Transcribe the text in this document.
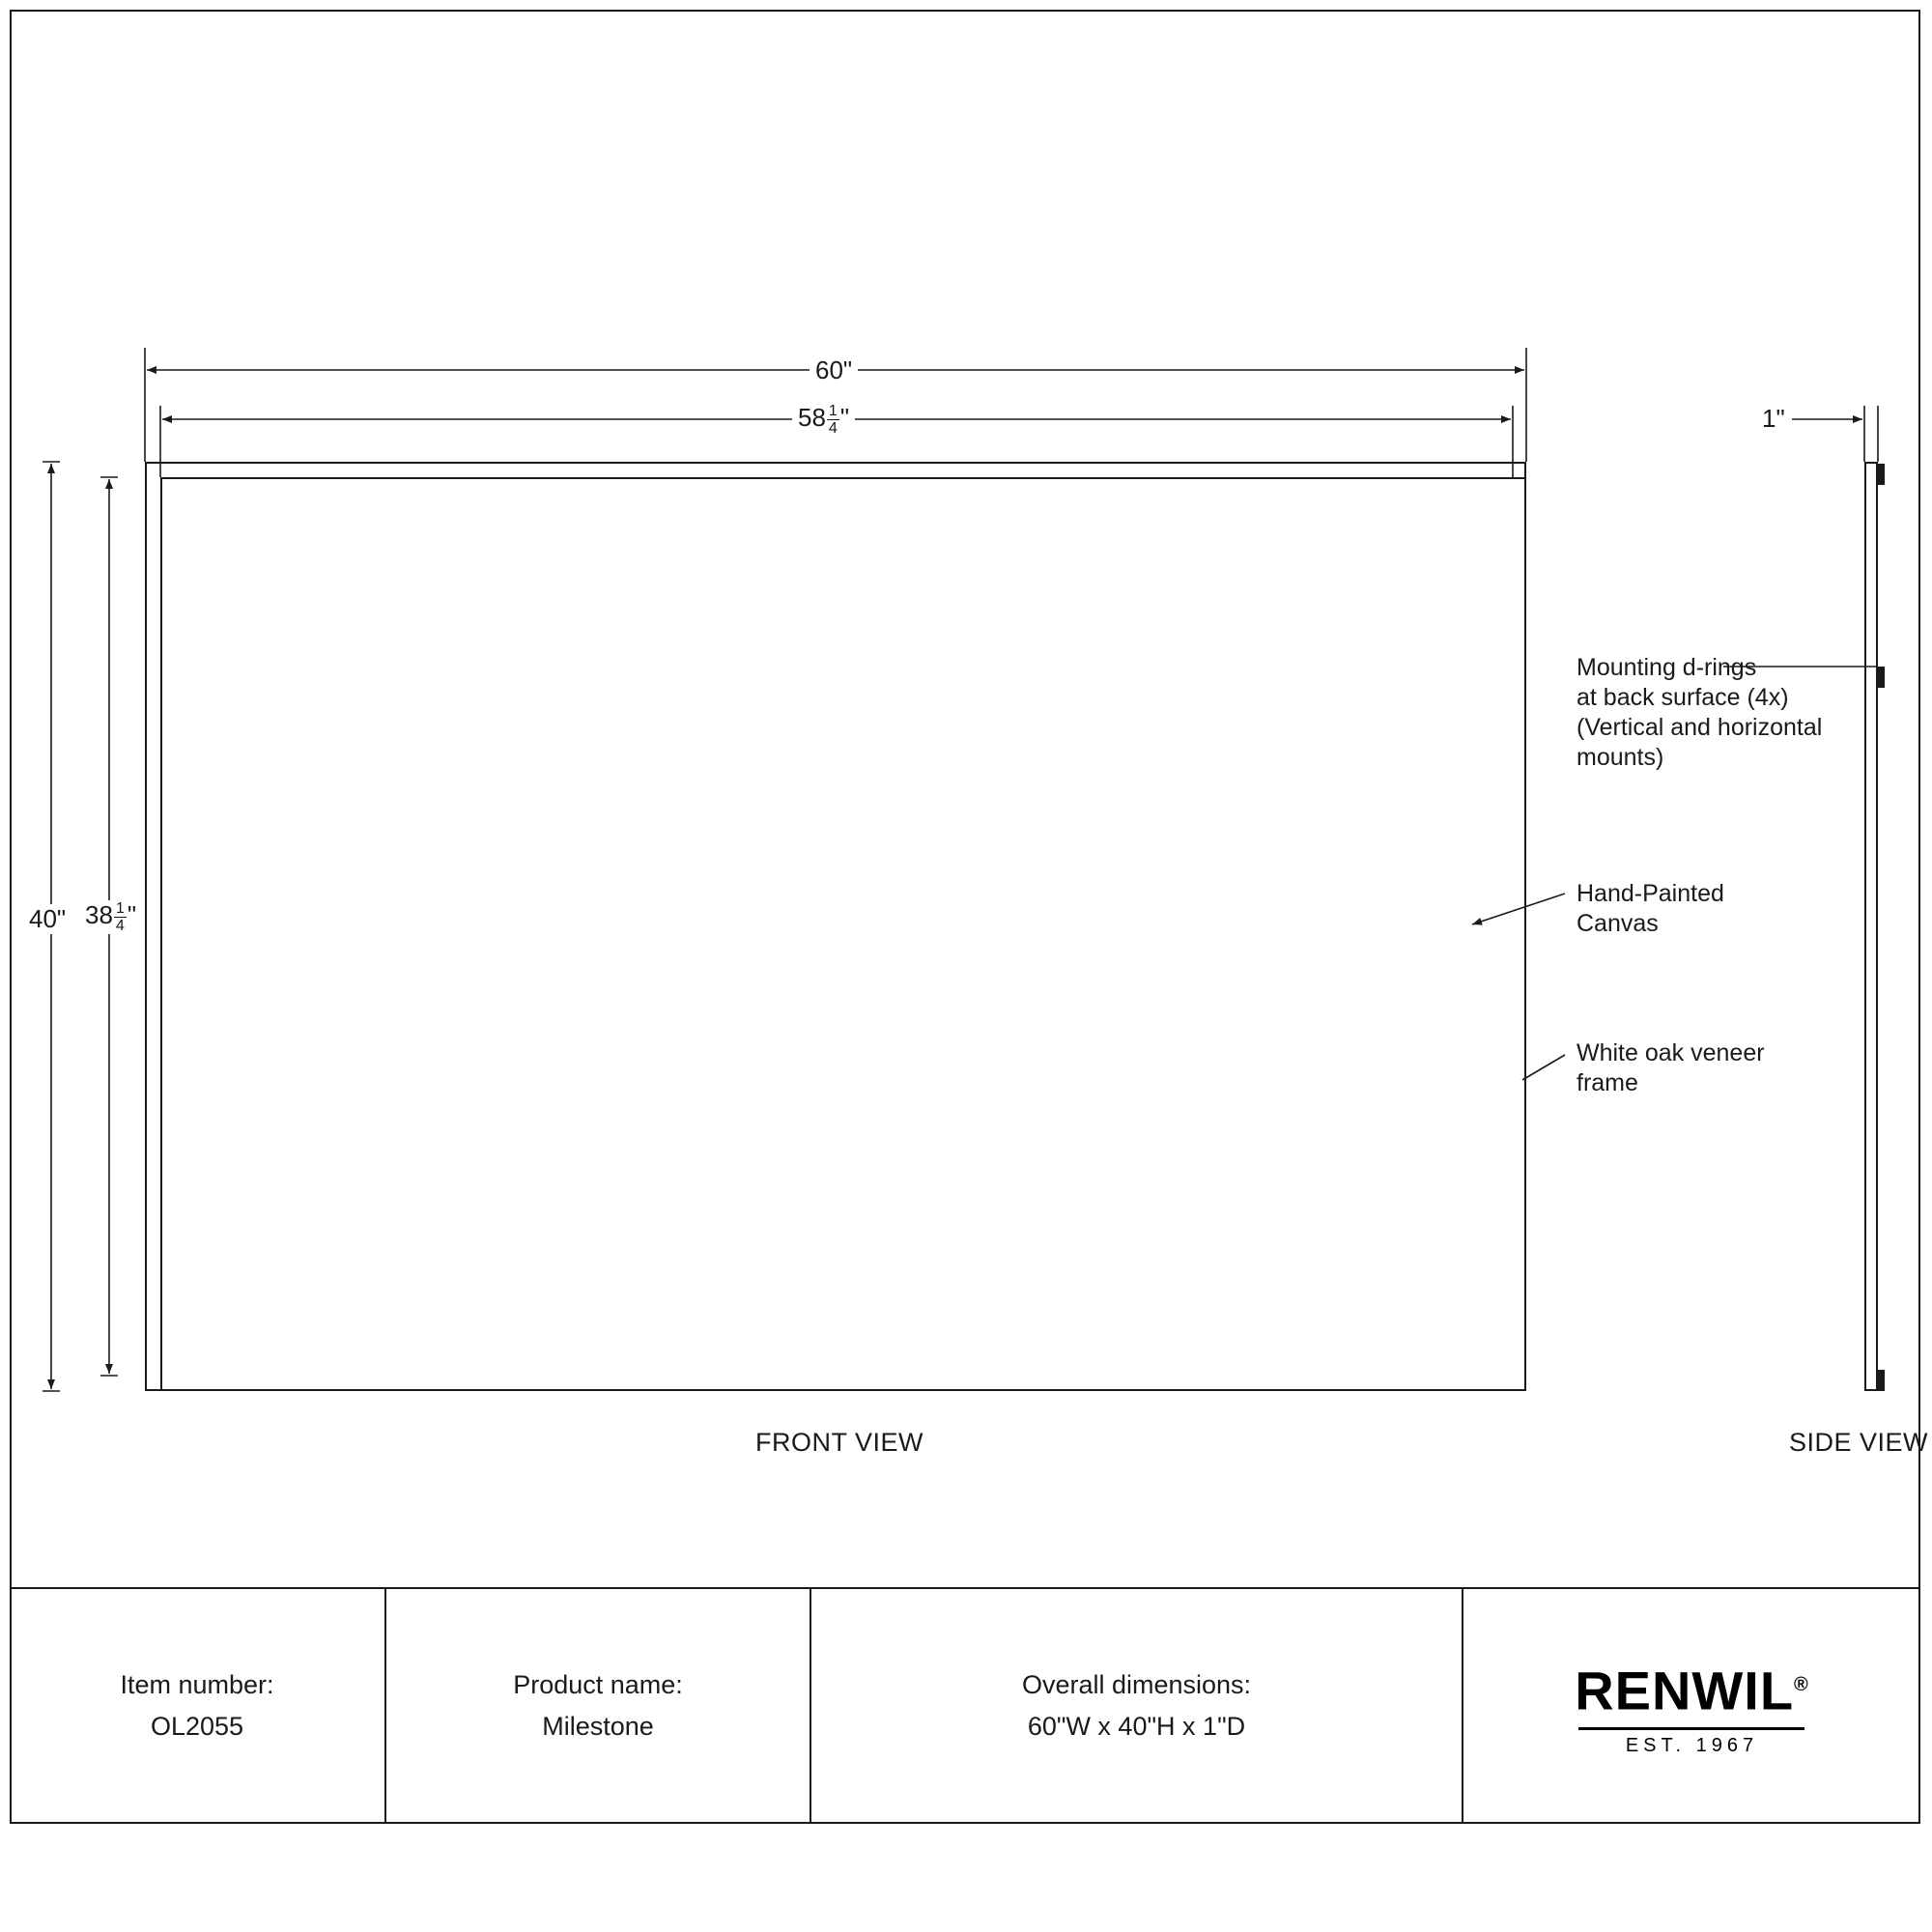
60"
$58 \frac{1}{4}$ "
40" $38 \frac{1}{4}$ "
1"
Mounting d-rings
at back surface (4x)
(Vertical and horizontal
mounts)
Hand-Painted
Canvas
White oak veneer
frame
FRONT VIEW	SIDE VIEW
Item number:
OL2055
Product name:
Milestone
Overall dimensions:
60"W x 40"H x 1"D
RENWIL®
EST. 1967
